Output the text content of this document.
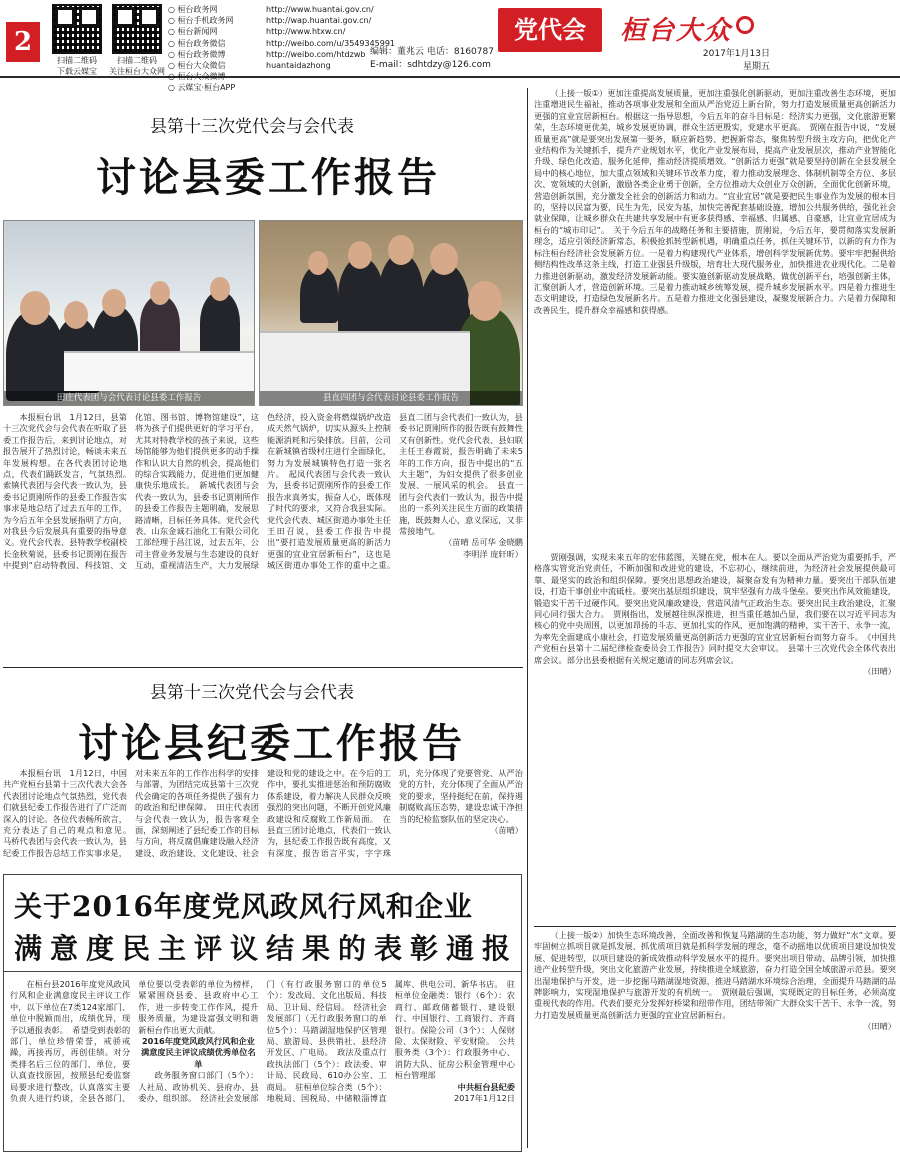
2
扫描二维码
下载云媒宝
扫描二维码
关注桓台大众网
○ 桓台政务网	http://www.huantai.gov.cn/
○ 桓台手机政务网	http://wap.huantai.gov.cn/
○ 桓台新闻网	http://www.htxw.cn/
○ 桓台政务微信	http://weibo.com/u/3549345991
○ 桓台政务微博	http://weibo.com/htdzwb
○ 桓台大众微信	huantaidazhong
○ 桓台大众微博
○ 云媒宝·桓台APP
编辑：董兆云 电话：8160787
E-mail：sdhtdzy@126.com
党代会	桓台大众
2017年1月13日
星期五
县第十三次党代会与会代表
讨论县委工作报告
田庄代表团与会代表讨论县委工作报告	县直四团与会代表讨论县委工作报告

本报桓台讯　1月12日，县第十三次党代会与会代表在听取了县委工作报告后，来到讨论地点，对报告展开了热烈讨论，畅谈未来五年发展构想。在各代表团讨论地点，代表们踊跃发言，气氛热烈。　索镇代表团与会代表一致认为，县委书记贾刚所作的县委工作报告实事求是地总结了过去五年的工作，为今后五年全县发展指明了方向，对我县今后发展具有重要的指导意义。党代会代表、县特教学校副校长金秋菊说，县委书记贾刚在报告中提到“启动特教园、科技馆、文化馆、图书馆、博物馆建设”，这将为孩子们提供更好的学习平台，尤其对特教学校的孩子来说，这些场馆能够为他们提供更多的动手操作和认识大自然的机会，提高他们的综合实践能力，促进他们更加健康快乐地成长。　新城代表团与会代表一致认为，县委书记贾刚所作的县委工作报告主题明确，发展思路清晰，目标任务具体。党代会代表、山东金诚石油化工有限公司化工部经理于昌江说，过去五年，公司主营业务发展与生态建设的良好互动，重视清洁生产，大力发展绿色经济，投入资金将燃煤锅炉改造成天然气锅炉，切实从源头上控制能源消耗和污染排放。目前，公司在新城镇省级村庄进行全面绿化，努力为发展城镇特色打造一张名片。　起凤代表团与会代表一致认为，县委书记贾刚所作的县委工作报告求真务实，振奋人心，既体现了时代的要求，又符合我县实际。党代会代表、城区街道办事处主任王田召说，县委工作报告中提出“要打造发展质量更高的新活力更强的宜业宜居新桓台”，这也是城区街道办事处工作的重中之重。　县直二团与会代表们一致认为，县委书记贾刚所作的报告既有鼓舞性又有创新性。党代会代表、县妇联主任王春霞说，报告明确了未来5年的工作方向，报告中提出的“五大主题”，为妇女提供了很多创业发展、一展风采的机会。　县直一团与会代表们一致认为，报告中提出的一系列关注民生方面的政策措施，既鼓舞人心，意义深远，又非常接地气。

（苗晴 岳可华 金晓鹏
李明洋 庞轩昕）
县第十三次党代会与会代表
讨论县纪委工作报告

本报桓台讯　1月12日，中国共产党桓台县第十三次代表大会各代表团讨论地点气氛热烈，党代表们就县纪委工作报告进行了广泛而深入的讨论。各位代表畅所欲言，充分表达了自己的观点和意见。　马桥代表团与会代表一致认为，县纪委工作报告总结工作实事求是，对未来五年的工作作出科学的安排与部署，为团结完成县第十三次党代会确定的各项任务提供了强有力的政治和纪律保障。　田庄代表团与会代表一致认为，报告客观全面，深刻阐述了县纪委工作的目标与方向，将反腐倡廉建设融入经济建设、政治建设、文化建设、社会建设和党的建设之中。在今后的工作中，要扎实推进惩治和预防腐败体系建设，着力解决人民群众反映强烈的突出问题，不断开创党风廉政建设和反腐败工作新局面。　在县直三团讨论地点，代表们一致认为，县纪委工作报告既有高度，又有深度，报告语言平实，字字珠玑，充分体现了党要管党、从严治党的方针，充分体现了全面从严治党的要求，坚持挺纪在前，保持遏制腐败高压态势，建设忠诚干净担当的纪检监察队伍的坚定决心。

（苗晴）
关于2016年度党风政风行风和企业
满意度民主评议结果的表彰通报

在桓台县2016年度党风政风行风和企业满意度民主评议工作中，以下单位在7类124家部门、单位中脱颖而出，成绩优异，现予以通报表彰。　希望受到表彰的部门、单位珍惜荣誉，戒骄戒躁，再接再厉，再创佳绩。对分类排名后三位的部门、单位，要认真查找原因，按照县纪委监察局要求进行整改，认真落实主要负责人进行约谈，全县各部门、单位要以受表彰的单位为榜样，紧紧围绕县委、县政府中心工作，进一步转变工作作风，提升服务质量，为建设富强文明和谐新桓台作出更大贡献。

2016年度党风政风行风和企业满意度民主评议成绩优秀单位名单

政务服务窗口部门（5个）：人社局、政协机关、县府办、县委办、组织部。　经济社会发展部门（有行政服务窗口的单位5个）：发改局、文化出版局、科技局、卫计局、经信局。　经济社会发展部门（无行政服务窗口的单位5个）：马踏湖湿地保护区管理局、旅游局、县供销社、县经济开发区、广电局。　政法及重点行政执法部门（5个）：政法委、审计局、民政局、610办公室、工商局。　驻桓单位综合类（5个）：地税局、国税局、中储粮淄博直属库、供电公司、新华书店。　驻桓单位金融类：银行（6个）：农商行、邮政储蓄银行、建设银行、中国银行、工商银行、齐商银行。保险公司（3个）：人保财险、太保财险、平安财险。　公共服务类（3个）：行政服务中心、消防大队、征房公积金管理中心桓台管理部

中共桓台县纪委
2017年1月12日

（上接一版①）更加注重提高发展质量，更加注重强化创新驱动，更加注重改善生态环境，更加注重增进民生福祉，推动各项事业发展和全面从严治党迈上新台阶，努力打造发展质量更高创新活力更强的宜业宜居新桓台。根据这一指导思想，今后五年的奋斗目标是：经济实力更强，文化旅游更繁荣，生态环境更优美，城乡发展更协调，群众生活更殷实，党建水平更高。　贾刚在报告中说，“发展质量更高”就是要突出发展第一要务，顺应新趋势、把握新常态，聚焦转型升级主攻方向，把优化产业结构作为关键抓手，提升产业规划水平，优化产业发展布局，提高产业发展层次，推动产业智能化升级、绿色化改造、服务化延伸，推动经济提质增效。“创新活力更强”就是要坚持创新在全县发展全局中的核心地位，加大重点领域和关键环节改革力度，着力推动发展理念、体制机制等全方位、多层次、宽领域的大创新，激励各类企业勇于创新，全方位推动大众创业万众创新，全面优化创新环境，营造创新氛围，充分激发全社会的创新活力和动力。“宜业宜居”就是要把民生事业作为发展的根本目的，坚持以民富为要，民生为先，民安为基，加快完善配套基础设施，增加公共服务供给，强化社会就业保障，让城乡群众在共建共享发展中有更多获得感、幸福感、归属感、自豪感，让宜业宜居成为桓台的“城市印记”。　关于今后五年的战略任务和主要措施，贾刚说，今后五年，要贯彻落实发展新理念，适应引领经济新常态，积极抢抓转型新机遇，明确重点任务，抓住关键环节，以新的有力作为标注桓台经济社会发展新方位。一是着力构建现代产业体系，增创科学发展新优势。要牢牢把握供给侧结构性改革这条主线，打造工业强县升级版，培育壮大现代服务业，加快推进农业现代化。二是着力推进创新驱动，激发经济发展新动能。要实施创新驱动发展战略，做优创新平台，培强创新主体，汇聚创新人才，营造创新环境。三是着力推动城乡统筹发展，提升城乡发展新水平。四是着力推进生态文明建设，打造绿色发展新名片。五是着力推进文化强县建设，凝聚发展新合力。六是着力保障和改善民生，提升群众幸福感和获得感。

贾刚强调，实现未来五年的宏伟蓝图，关键在党，根本在人。要以全面从严治党为重要抓手，严格落实管党治党责任，不断加强和改进党的建设，不忘初心，继续前进，为经济社会发展提供最可靠、最坚实的政治和组织保障。要突出思想政治建设，凝聚奋发有为精神力量。要突出干部队伍建设，打造干事创业中流砥柱。要突出基层组织建设，筑牢坚强有力战斗堡垒。要突出作风效能建设，锻造实干苦干过硬作风。要突出党风廉政建设，营造风清气正政治生态。要突出民主政治建设，汇聚同心同行强大合力。　贾刚指出，发展越往纵深推进，担当重任越加凸显，我们要在以习近平同志为核心的党中央周围，以更加昂扬的斗志、更加扎实的作风、更加饱满的精神，实干苦干、永争一流，为率先全面建成小康社会，打造发展质量更高创新活力更强的宜业宜居新桓台而努力奋斗。　《中国共产党桓台县第十二届纪律检查委员会工作报告》同时提交大会审议。　县第十三次党代会全体代表出席会议。部分出县委根据有关规定邀请的同志列席会议。

（田晴）

（上接一版②）加快生态环境改善，全面改善和恢复马踏湖的生态功能，努力做好“水”文章。要牢固树立抓项目就是抓发展、抓优质项目就是抓科学发展的理念，毫不动摇地以优质项目建设加快发展、促进转型，以项目建设的新成效推动科学发展水平的提升。要突出项目带动、品牌引领，加快推进产业转型升级，突出文化旅游产业发展，持续推进全域旅游，奋力打造全国全域旅游示范县。要突出湿地保护与开发，进一步挖掘马踏湖湿地资源，推进马踏湖水环境综合治理，全面提升马踏湖的品牌影响力，实现湿地保护与旅游开发的有机统一。　贾刚最后强调，实现既定的目标任务，必须高度重视代表的作用。代表们要充分发挥好桥梁和纽带作用，团结带领广大群众实干苦干、永争一流，努力打造发展质量更高创新活力更强的宜业宜居新桓台。

（田晴）
